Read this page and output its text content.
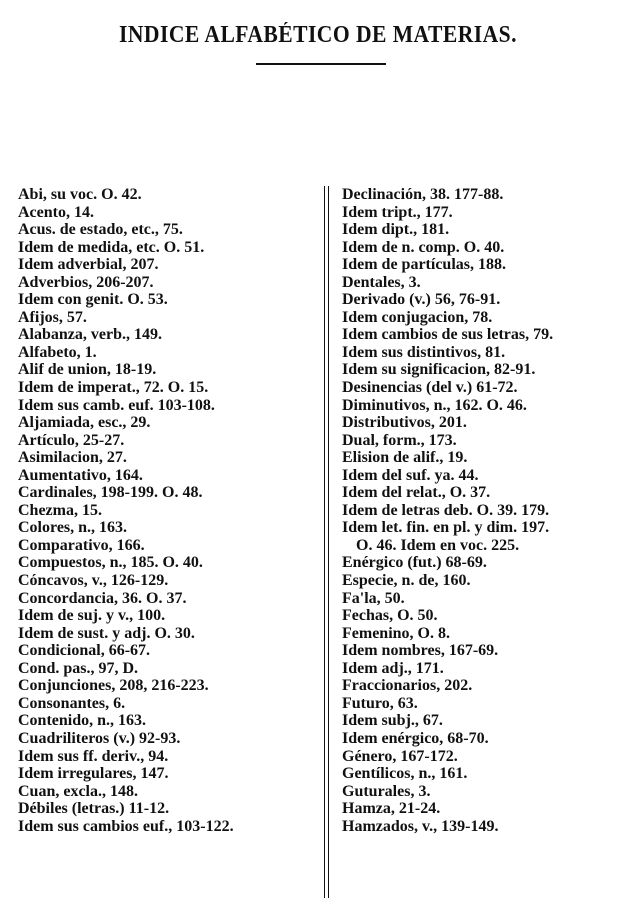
INDICE ALFABÉTICO DE MATERIAS.
Abi, su voc. O. 42.
Acento, 14.
Acus. de estado, etc., 75.
Idem de medida, etc. O. 51.
Idem adverbial, 207.
Adverbios, 206-207.
Idem con genit. O. 53.
Afijos, 57.
Alabanza, verb., 149.
Alfabeto, 1.
Alif de union, 18-19.
Idem de imperat., 72. O. 15.
Idem sus camb. euf. 103-108.
Aljamiada, esc., 29.
Artículo, 25-27.
Asimilacion, 27.
Aumentativo, 164.
Cardinales, 198-199. O. 48.
Chezma, 15.
Colores, n., 163.
Comparativo, 166.
Compuestos, n., 185. O. 40.
Cóncavos, v., 126-129.
Concordancia, 36. O. 37.
Idem de suj. y v., 100.
Idem de sust. y adj. O. 30.
Condicional, 66-67.
Cond. pas., 97, D.
Conjunciones, 208, 216-223.
Consonantes, 6.
Contenido, n., 163.
Cuadriliteros (v.) 92-93.
Idem sus ff. deriv., 94.
Idem irregulares, 147.
Cuan, excla., 148.
Débiles (letras.) 11-12.
Idem sus cambios euf., 103-122.
Declinación, 38. 177-88.
Idem tript., 177.
Idem dipt., 181.
Idem de n. comp. O. 40.
Idem de partículas, 188.
Dentales, 3.
Derivado (v.) 56, 76-91.
Idem conjugacion, 78.
Idem cambios de sus letras, 79.
Idem sus distintivos, 81.
Idem su significacion, 82-91.
Desinencias (del v.) 61-72.
Diminutivos, n., 162. O. 46.
Distributivos, 201.
Dual, form., 173.
Elision de alif., 19.
Idem del suf. ya. 44.
Idem del relat., O. 37.
Idem de letras deb. O. 39. 179.
Idem let. fin. en pl. y dim. 197.
O. 46. Idem en voc. 225.
Enérgico (fut.) 68-69.
Especie, n. de, 160.
Fa'la, 50.
Fechas, O. 50.
Femenino, O. 8.
Idem nombres, 167-69.
Idem adj., 171.
Fraccionarios, 202.
Futuro, 63.
Idem subj., 67.
Idem enérgico, 68-70.
Género, 167-172.
Gentílicos, n., 161.
Guturales, 3.
Hamza, 21-24.
Hamzados, v., 139-149.
